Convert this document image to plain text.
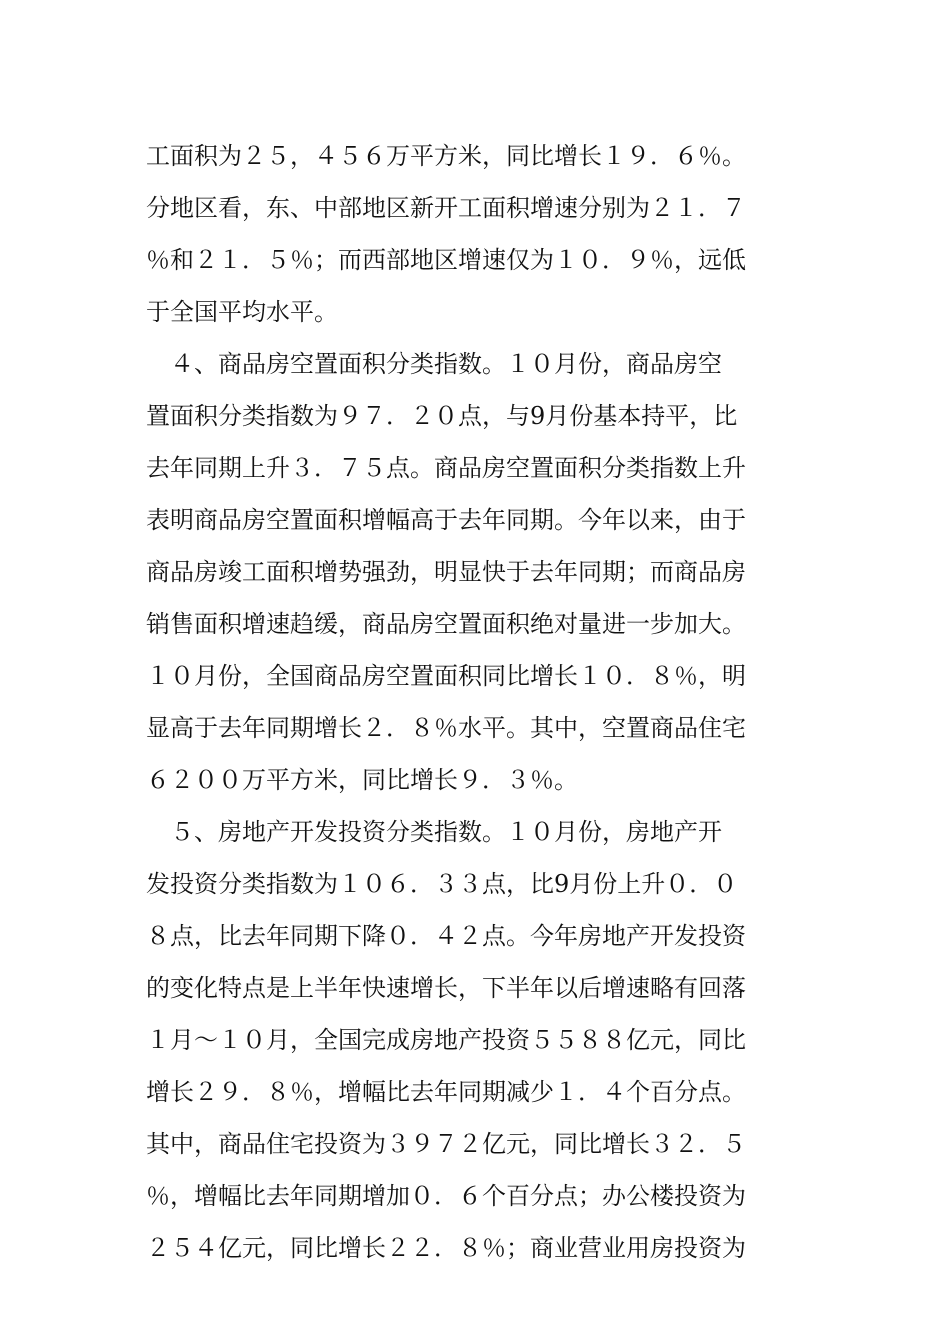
工面积为２５，４５６万平方米，同比增长１９．６％。
分地区看，东、中部地区新开工面积增速分别为２１．７
％和２１．５％；而西部地区增速仅为１０．９％，远低
于全国平均水平。
　４、商品房空置面积分类指数。１０月份，商品房空
置面积分类指数为９７．２０点，与9月份基本持平，比
去年同期上升３．７５点。商品房空置面积分类指数上升
表明商品房空置面积增幅高于去年同期。今年以来，由于
商品房竣工面积增势强劲，明显快于去年同期；而商品房
销售面积增速趋缓，商品房空置面积绝对量进一步加大。
１０月份，全国商品房空置面积同比增长１０．８％，明
显高于去年同期增长２．８％水平。其中，空置商品住宅
６２００万平方米，同比增长９．３％。
　５、房地产开发投资分类指数。１０月份，房地产开
发投资分类指数为１０６．３３点，比9月份上升０．０
８点，比去年同期下降０．４２点。今年房地产开发投资
的变化特点是上半年快速增长，下半年以后增速略有回落
１月～１０月，全国完成房地产投资５５８８亿元，同比
增长２９．８％，增幅比去年同期减少１．４个百分点。
其中，商品住宅投资为３９７２亿元，同比增长３２．５
％，增幅比去年同期增加０．６个百分点；办公楼投资为
２５４亿元，同比增长２２．８％；商业营业用房投资为
